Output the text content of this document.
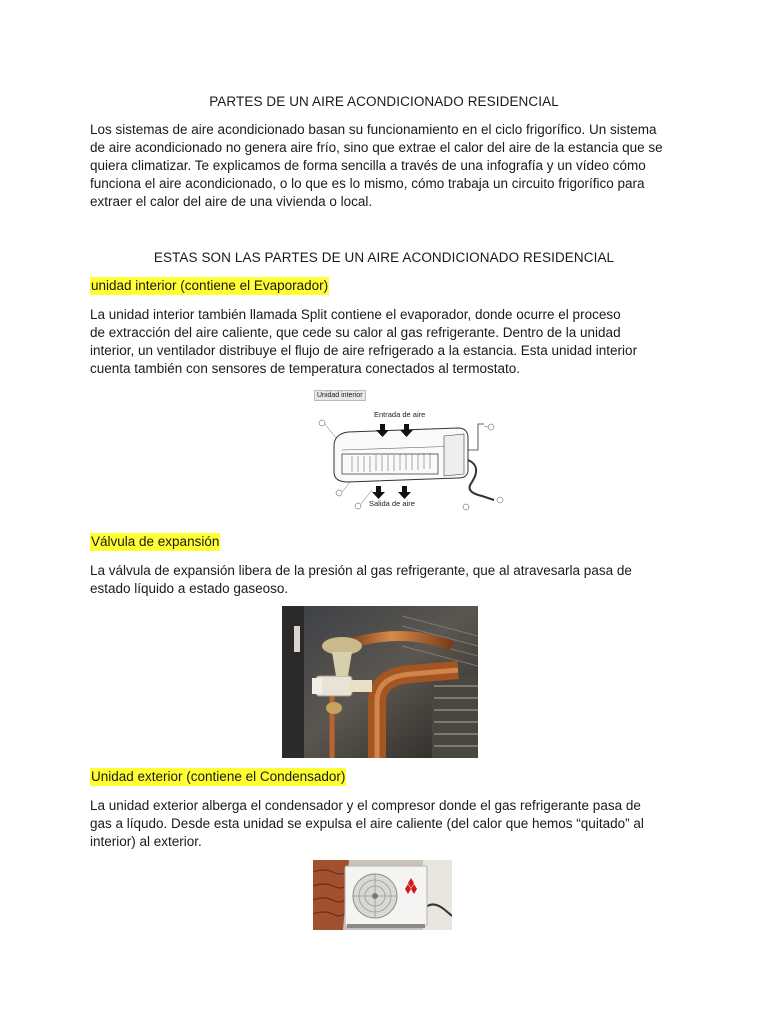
PARTES DE UN AIRE ACONDICIONADO RESIDENCIAL
Los sistemas de aire acondicionado basan su funcionamiento en el ciclo frigorífico. Un sistema
de aire acondicionado no genera aire frío, sino que extrae el calor del aire de la estancia que se
quiera climatizar. Te explicamos de forma sencilla a través de una infografía y un vídeo cómo
funciona el aire acondicionado, o lo que es lo mismo, cómo trabaja un circuito frigorífico para
extraer el calor del aire de una vivienda o local.
ESTAS SON LAS PARTES DE UN AIRE ACONDICIONADO RESIDENCIAL
unidad interior (contiene el Evaporador)
La unidad interior también llamada Split contiene el evaporador, donde ocurre el proceso
de extracción del aire caliente, que cede su calor al gas refrigerante. Dentro de la unidad
interior, un ventilador distribuye el flujo de aire refrigerado a la estancia. Esta unidad interior
cuenta también con sensores de temperatura conectados al termostato.
Unidad interior
Entrada de aire
Salida de aire
Válvula de expansión
La válvula de expansión libera de la presión al gas refrigerante, que al atravesarla pasa de
estado líquido a estado gaseoso.
Unidad exterior (contiene el Condensador)
La unidad exterior alberga el condensador y el compresor donde el gas refrigerante pasa de
gas a líqudo. Desde esta unidad se expulsa el aire caliente (del calor que hemos “quitado” al
interior) al exterior.
